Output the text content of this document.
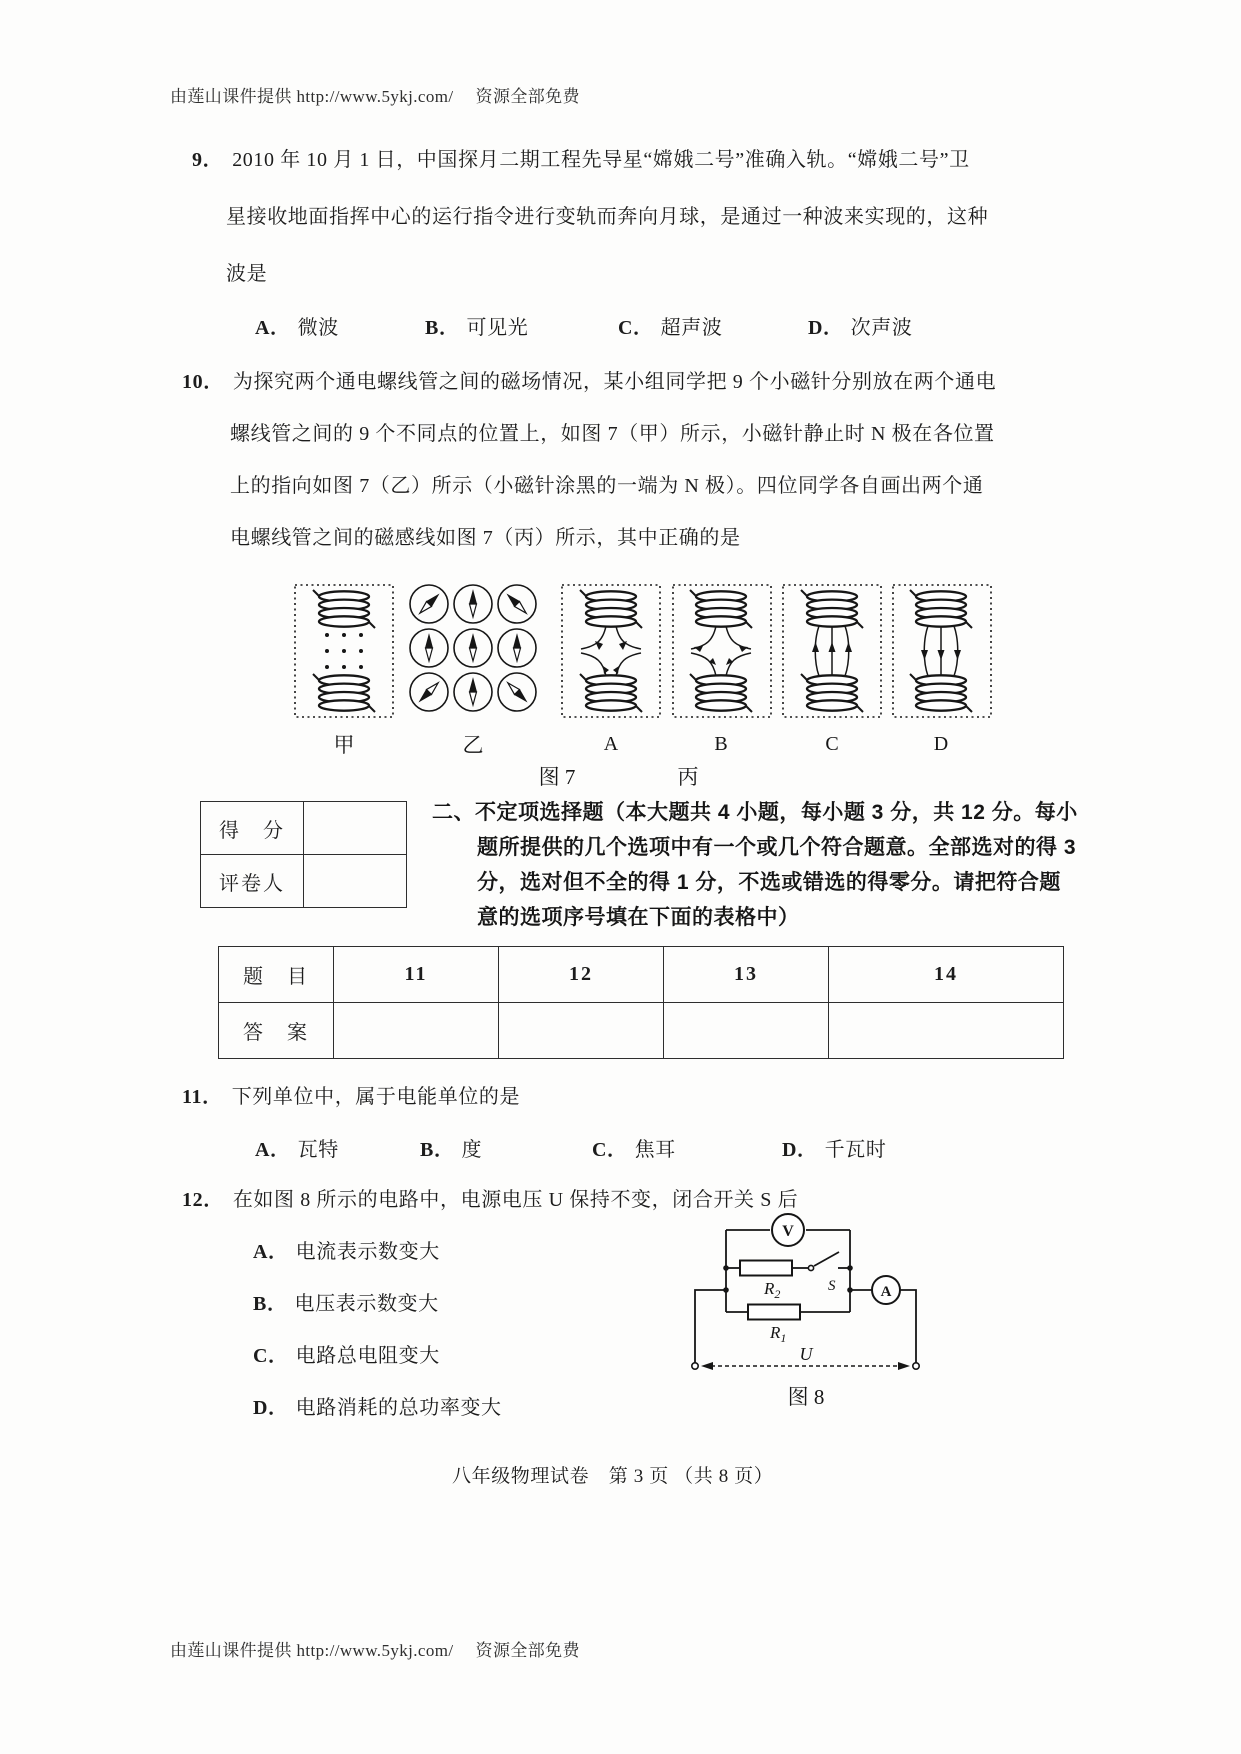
由莲山课件提供 http://www.5ykj.com/　 资源全部免费
9． 2010 年 10 月 1 日，中国探月二期工程先导星“嫦娥二号”准确入轨。“嫦娥二号”卫
星接收地面指挥中心的运行指令进行变轨而奔向月球，是通过一种波来实现的，这种
波是
A． 微波	B． 可见光	C． 超声波	D． 次声波
10． 为探究两个通电螺线管之间的磁场情况，某小组同学把 9 个小磁针分别放在两个通电
螺线管之间的 9 个不同点的位置上，如图 7（甲）所示，小磁针静止时 N 极在各位置
上的指向如图 7（乙）所示（小磁针涂黑的一端为 N 极）。四位同学各自画出两个通
电螺线管之间的磁感线如图 7（丙）所示，其中正确的是
甲	乙	A	B	C	D
图 7	丙
得　分	
评卷人	
二、不定项选择题（本大题共 4 小题，每小题 3 分，共 12 分。每小
题所提供的几个选项中有一个或几个符合题意。全部选对的得 3
分，选对但不全的得 1 分，不选或错选的得零分。请把符合题
意的选项序号填在下面的表格中）
题　目	11	12	13	14
答　案				
11． 下列单位中，属于电能单位的是
A． 瓦特	B． 度	C． 焦耳	D． 千瓦时
12． 在如图 8 所示的电路中，电源电压 U 保持不变，闭合开关 S 后
A． 电流表示数变大
B． 电压表示数变大
C． 电路总电阻变大
D． 电路消耗的总功率变大
V
$R_2$	S
$R_1$
A
U
图 8
八年级物理试卷　第 3 页 （共 8 页）
由莲山课件提供 http://www.5ykj.com/　 资源全部免费
